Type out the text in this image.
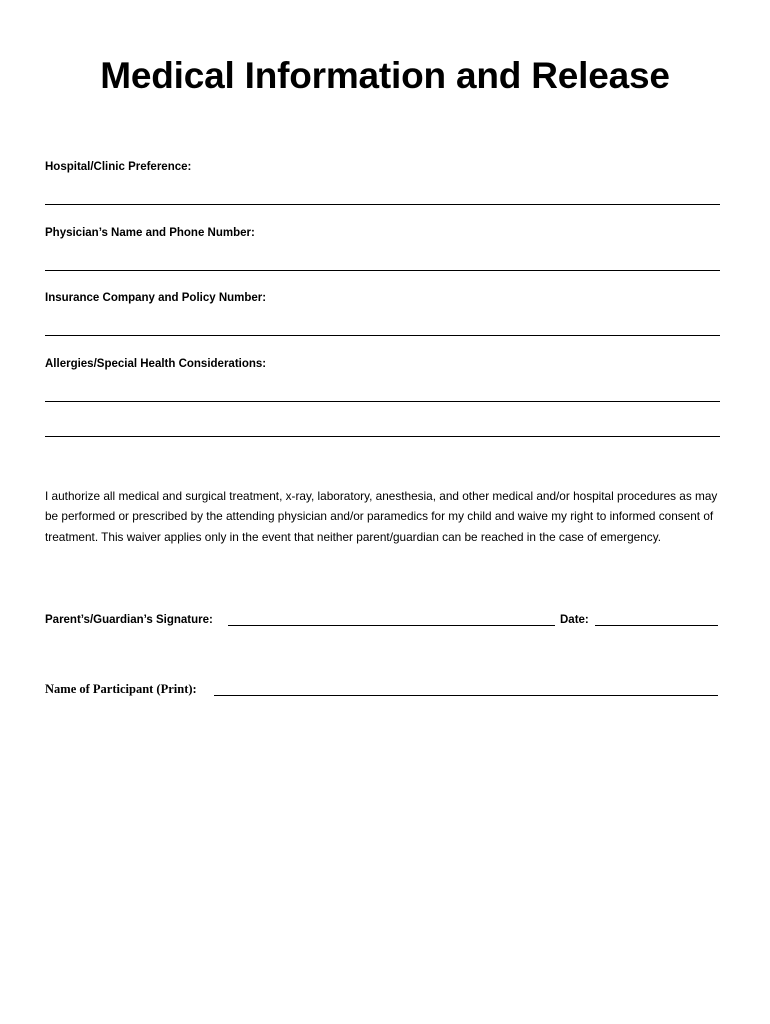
Medical Information and Release
Hospital/Clinic Preference:
Physician’s Name and Phone Number:
Insurance Company and Policy Number:
Allergies/Special Health Considerations:

I authorize all medical and surgical treatment, x-ray, laboratory, anesthesia, and other medical and/or hospital procedures as may be performed or prescribed by the attending physician and/or paramedics for my child and waive my right to informed consent of treatment. This waiver applies only in the event that neither parent/guardian can be reached in the case of emergency.

Parent’s/Guardian’s Signature:	Date:
Name of Participant (Print):
